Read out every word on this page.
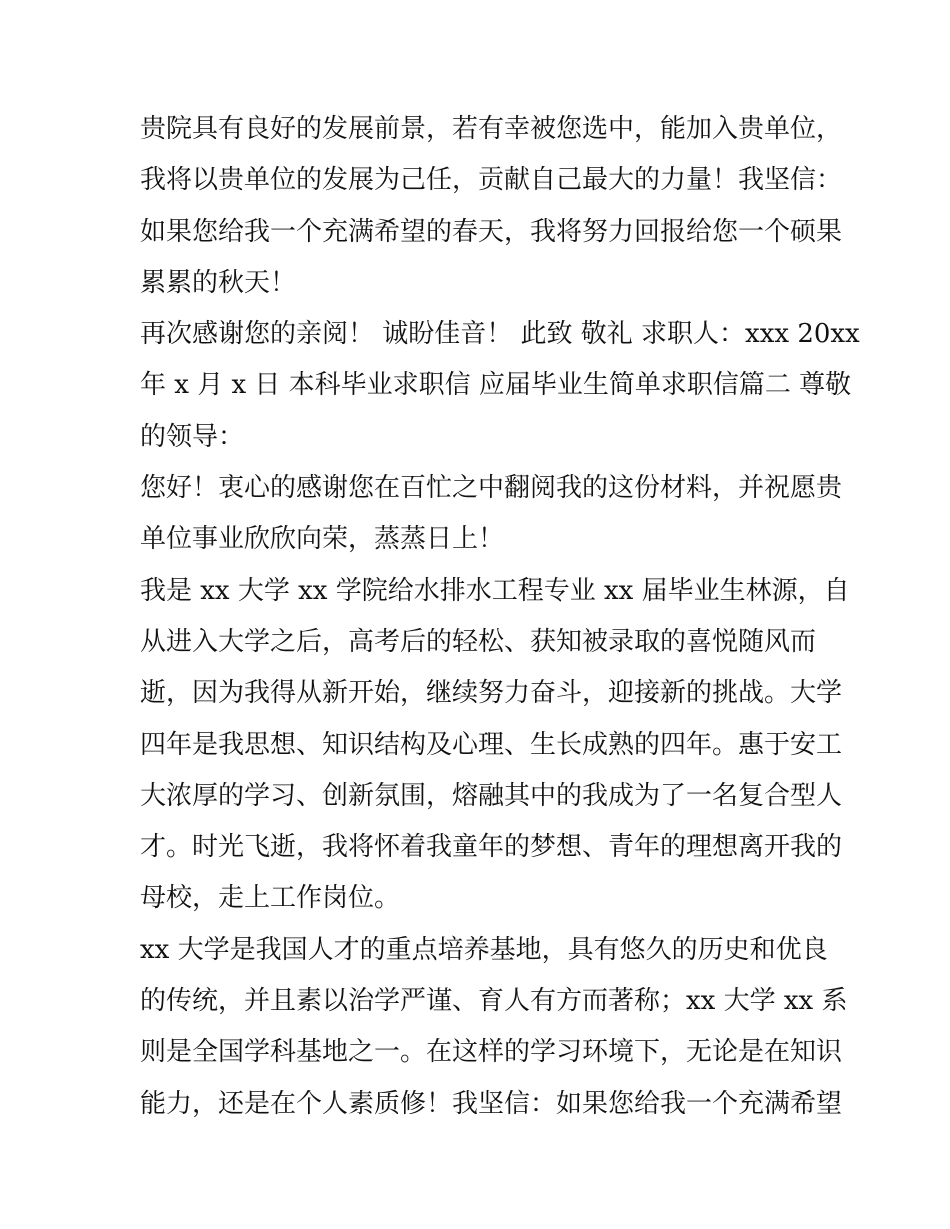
贵院具有良好的发展前景，若有幸被您选中，能加入贵单位，
我将以贵单位的发展为己任，贡献自己最大的力量！我坚信：
如果您给我一个充满希望的春天，我将努力回报给您一个硕果
累累的秋天！
再次感谢您的亲阅！ 诚盼佳音！ 此致 敬礼 求职人：xxx 20xx
年 x 月 x 日 本科毕业求职信 应届毕业生简单求职信篇二 尊敬
的领导：
您好！衷心的感谢您在百忙之中翻阅我的这份材料，并祝愿贵
单位事业欣欣向荣，蒸蒸日上！
我是 xx 大学 xx 学院给水排水工程专业 xx 届毕业生林源，自
从进入大学之后，高考后的轻松、获知被录取的喜悦随风而
逝，因为我得从新开始，继续努力奋斗，迎接新的挑战。大学
四年是我思想、知识结构及心理、生长成熟的四年。惠于安工
大浓厚的学习、创新氛围，熔融其中的我成为了一名复合型人
才。时光飞逝，我将怀着我童年的梦想、青年的理想离开我的
母校，走上工作岗位。
xx 大学是我国人才的重点培养基地，具有悠久的历史和优良
的传统，并且素以治学严谨、育人有方而著称；xx 大学 xx 系
则是全国学科基地之一。在这样的学习环境下，无论是在知识
能力，还是在个人素质修！我坚信：如果您给我一个充满希望
